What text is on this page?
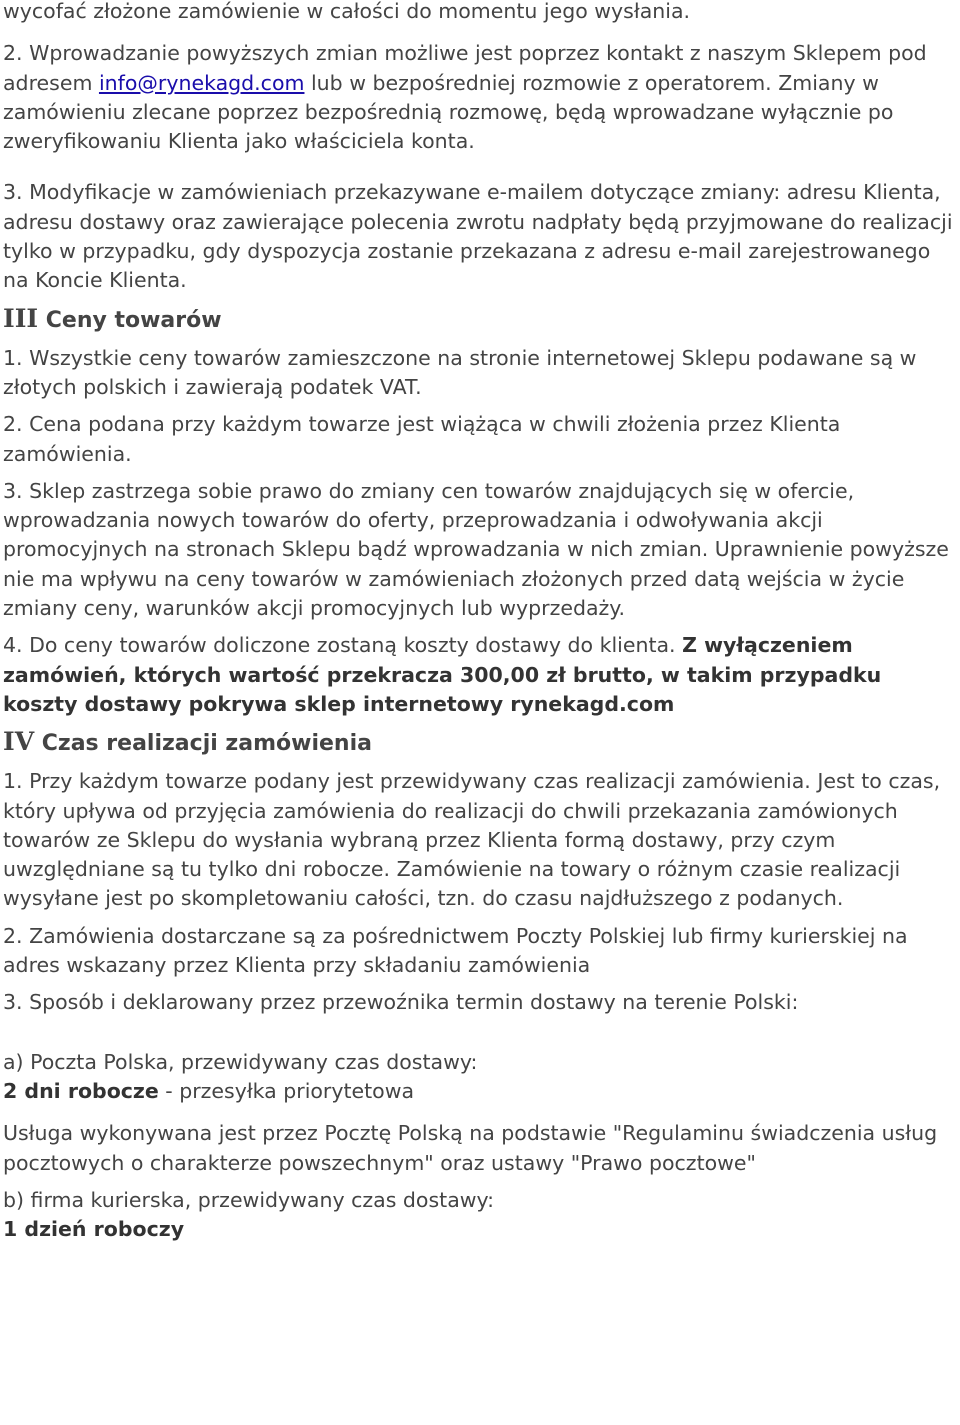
wycofać złożone zamówienie w całości do momentu jego wysłania.

2. Wprowadzanie powyższych zmian możliwe jest poprzez kontakt z naszym Sklepem pod adresem info@rynekagd.com lub w bezpośredniej rozmowie z operatorem. Zmiany w zamówieniu zlecane poprzez bezpośrednią rozmowę, będą wprowadzane wyłącznie po zweryfikowaniu Klienta jako właściciela konta.

3. Modyfikacje w zamówieniach przekazywane e-mailem dotyczące zmiany: adresu Klienta, adresu dostawy oraz zawierające polecenia zwrotu nadpłaty będą przyjmowane do realizacji tylko w przypadku, gdy dyspozycja zostanie przekazana z adresu e-mail zarejestrowanego na Koncie Klienta.

III Ceny towarów

1. Wszystkie ceny towarów zamieszczone na stronie internetowej Sklepu podawane są w złotych polskich i zawierają podatek VAT.

2. Cena podana przy każdym towarze jest wiążąca w chwili złożenia przez Klienta zamówienia.

3. Sklep zastrzega sobie prawo do zmiany cen towarów znajdujących się w ofercie, wprowadzania nowych towarów do oferty, przeprowadzania i odwoływania akcji promocyjnych na stronach Sklepu bądź wprowadzania w nich zmian. Uprawnienie powyższe nie ma wpływu na ceny towarów w zamówieniach złożonych przed datą wejścia w życie zmiany ceny, warunków akcji promocyjnych lub wyprzedaży.

4. Do ceny towarów doliczone zostaną koszty dostawy do klienta. Z wyłączeniem zamówień, których wartość przekracza 300,00 zł brutto, w takim przypadku koszty dostawy pokrywa sklep internetowy rynekagd.com

IV Czas realizacji zamówienia

1. Przy każdym towarze podany jest przewidywany czas realizacji zamówienia. Jest to czas, który upływa od przyjęcia zamówienia do realizacji do chwili przekazania zamówionych towarów ze Sklepu do wysłania wybraną przez Klienta formą dostawy, przy czym uwzględniane są tu tylko dni robocze. Zamówienie na towary o różnym czasie realizacji wysyłane jest po skompletowaniu całości, tzn. do czasu najdłuższego z podanych.

2. Zamówienia dostarczane są za pośrednictwem Poczty Polskiej lub firmy kurierskiej na adres wskazany przez Klienta przy składaniu zamówienia

3. Sposób i deklarowany przez przewoźnika termin dostawy na terenie Polski:

a) Poczta Polska, przewidywany czas dostawy:
2 dni robocze - przesyłka priorytetowa

Usługa wykonywana jest przez Pocztę Polską na podstawie "Regulaminu świadczenia usług pocztowych o charakterze powszechnym" oraz ustawy "Prawo pocztowe"

b) firma kurierska, przewidywany czas dostawy:
1 dzień roboczy
